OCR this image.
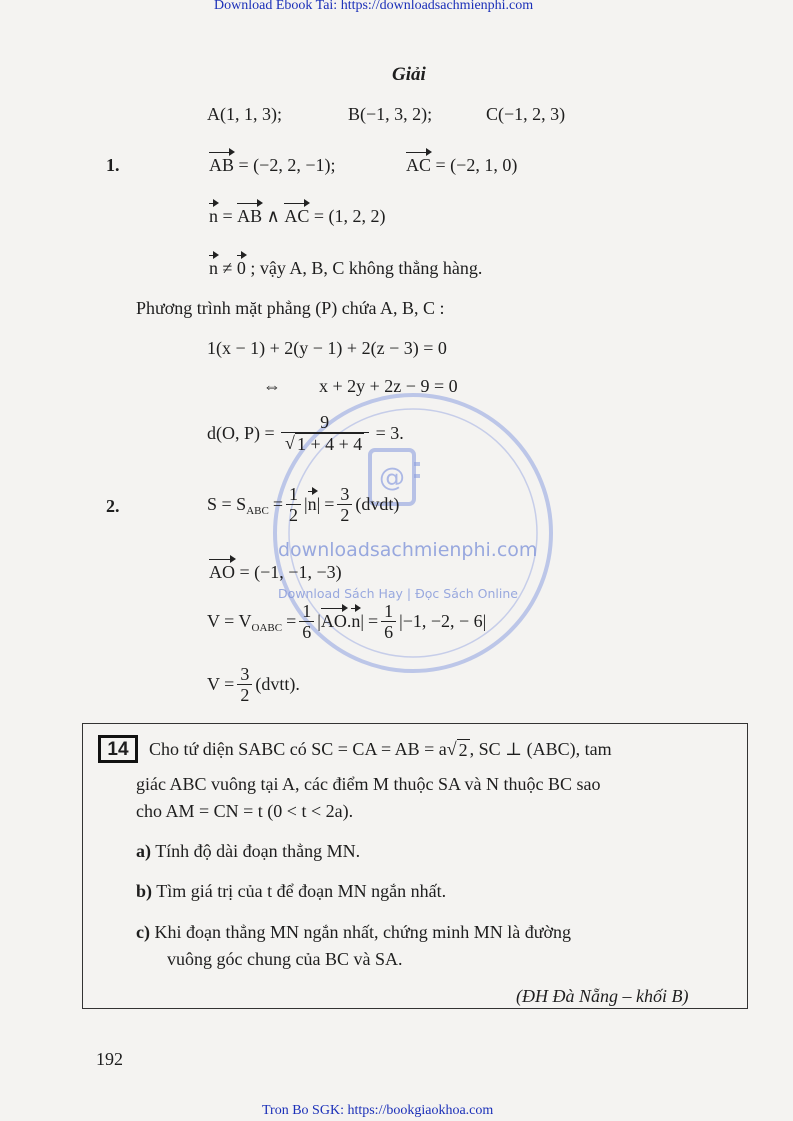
Download Ebook Tai: https://downloadsachmienphi.com
Tron Bo SGK: https://bookgiaokhoa.com
@
downloadsachmienphi.com
Download Sách Hay | Đọc Sách Online
Giải
A(1, 1, 3);	B(−1, 3, 2);	C(−1, 2, 3)
1.	AB = (−2, 2, −1);	AC = (−2, 1, 0)
n = AB ∧ AC = (1, 2, 2)
n ≠ 0 ; vậy A, B, C không thẳng hàng.
Phương trình mặt phẳng (P) chứa A, B, C :
1(x − 1) + 2(y − 1) + 2(z − 3) = 0
⇔ x + 2y + 2z − 9 = 0
d(O, $P) = \frac{9}{√ 1 + 4 + 4} = 3$.
2.	$S = S_{ABC} = \frac{1}{2}$ | n | = $\frac{3}{2}$ (dvdt)
AO = (−1, −1, −3)
$V = V_{OABC} = \frac{1}{6}$ | AO . n | = $\frac{1}{6} |-1$, −2, − 6|
$V = \frac{3}{2}$ (dvtt).
14	Cho tứ diện SABC có SC = CA = AB = a √ 2 , SC ⊥ (ABC), tam
giác ABC vuông tại A, các điểm M thuộc SA và N thuộc BC sao
cho AM = CN = t (0 < t < 2a).
a) Tính độ dài đoạn thẳng MN.
b) Tìm giá trị của t để đoạn MN ngắn nhất.
c) Khi đoạn thẳng MN ngắn nhất, chứng minh MN là đường
vuông góc chung của BC và SA.
(ĐH Đà Nẵng – khối B)
192
